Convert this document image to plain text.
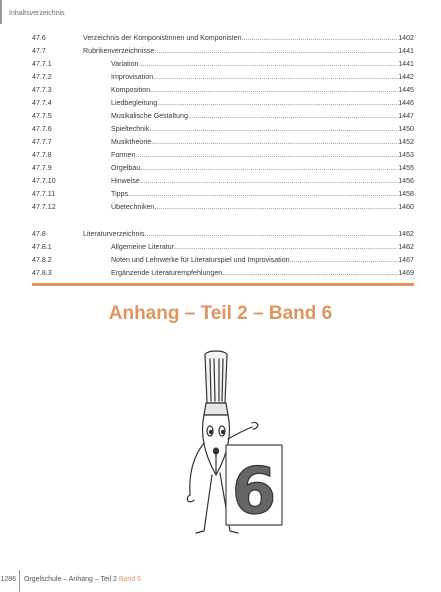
Inhaltsverzeichnis
47.6	Verzeichnis der Komponistinnen und Komponisten .....	1402
47.7	Rubrikenverzeichnisse .....	1441
47.7.1	Variation .....	1441
47.7.2	Improvisation .....	1442
47.7.3	Komposition .....	1445
47.7.4	Liedbegleitung .....	1446
47.7.5	Musikalische Gestaltung .....	1447
47.7.6	Spieltechnik .....	1450
47.7.7	Musiktheorie .....	1452
47.7.8	Formen .....	1453
47.7.9	Orgelbau .....	1455
47.7.10	Hinweise .....	1456
47.7.11	Tipps .....	1458
47.7.12	Übetechniken .....	1460
47.8	Literaturverzeichnis .....	1462
47.8.1	Allgemeine Literatur .....	1462
47.8.2	Noten und Lehrwerke für Literaturspiel und Improvisation .....	1467
47.8.3	Ergänzende Literaturempfehlungen .....	1469
Anhang – Teil 2 – Band 6
6
1286 Orgelschule – Anhang – Teil 2 Band 6
